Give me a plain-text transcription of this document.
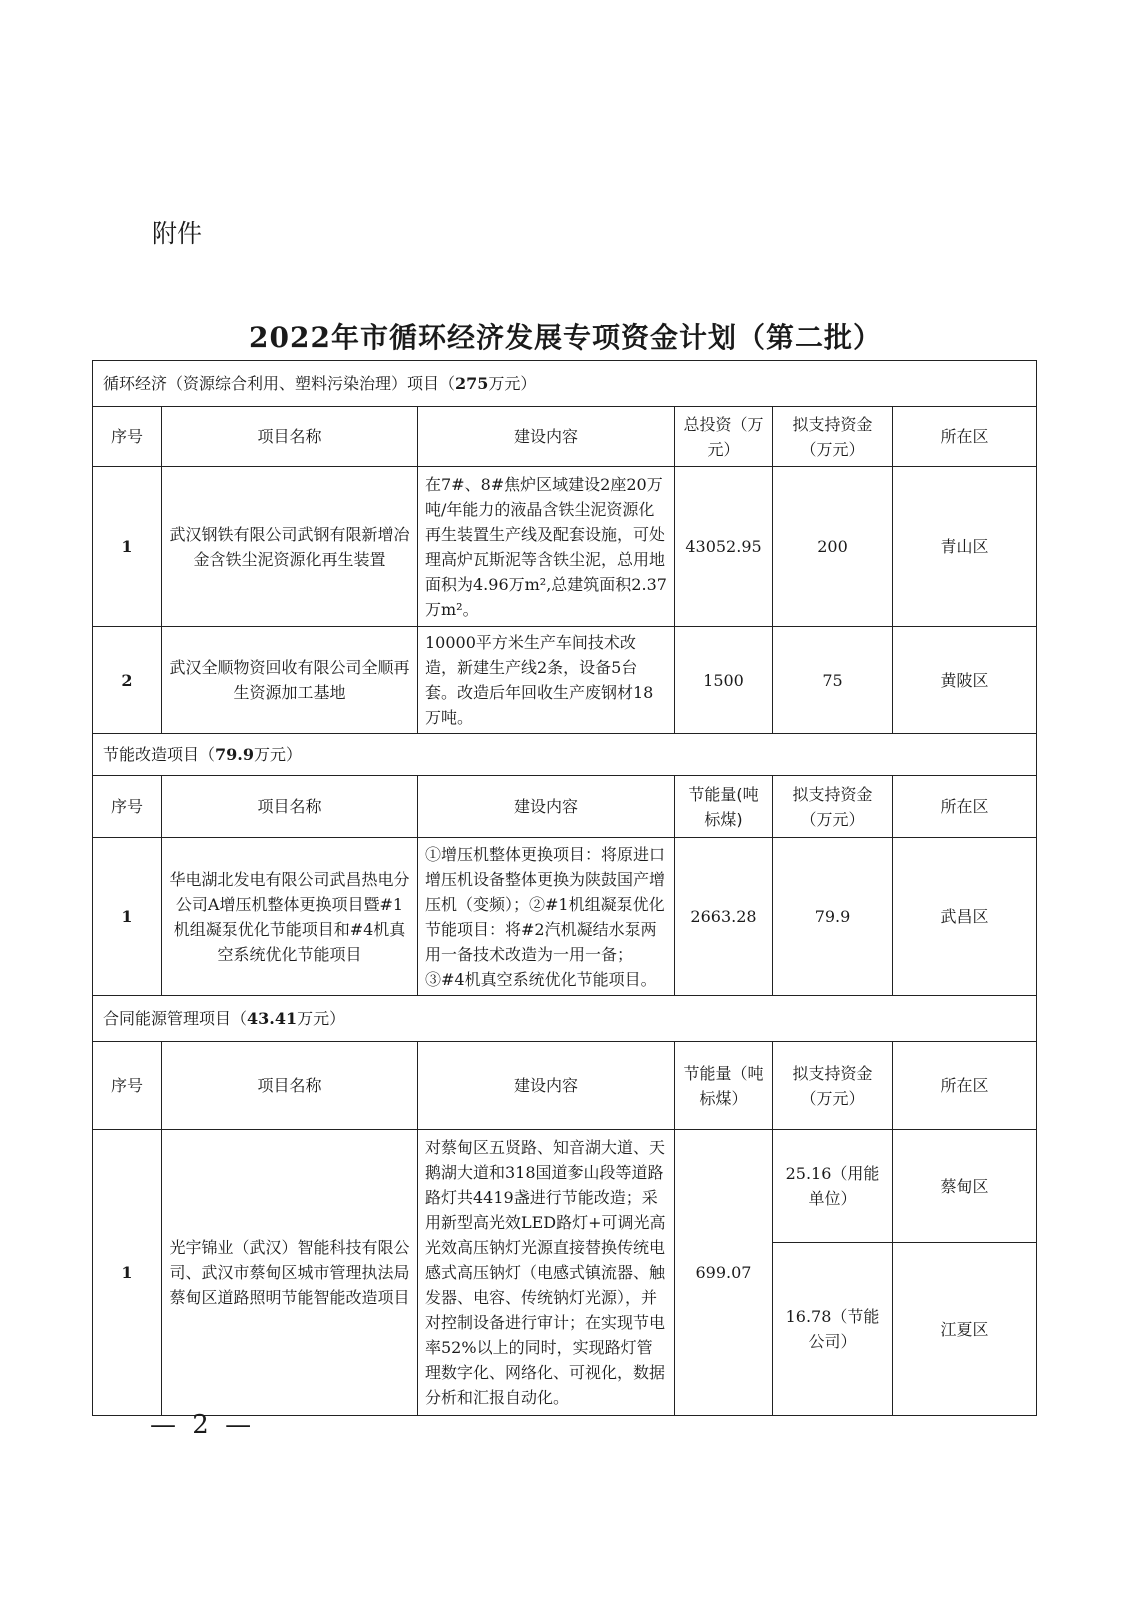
附件
2022年市循环经济发展专项资金计划（第二批）
循环经济（资源综合利用、塑料污染治理）项目（275万元）					
序号	项目名称	建设内容	总投资（万元）	拟支持资金（万元）	所在区
1	武汉钢铁有限公司武钢有限新增冶金含铁尘泥资源化再生装置	在7#、8#焦炉区域建设2座20万吨/年能力的液晶含铁尘泥资源化再生装置生产线及配套设施，可处理高炉瓦斯泥等含铁尘泥，总用地面积为4.96万m²,总建筑面积2.37万m²。	43052.95	200	青山区
2	武汉全顺物资回收有限公司全顺再生资源加工基地	10000平方米生产车间技术改造，新建生产线2条，设备5台套。改造后年回收生产废钢材18万吨。	1500	75	黄陂区
节能改造项目（79.9万元）					
序号	项目名称	建设内容	节能量(吨标煤)	拟支持资金（万元）	所在区
1	华电湖北发电有限公司武昌热电分公司A增压机整体更换项目暨#1机组凝泵优化节能项目和#4机真空系统优化节能项目	①增压机整体更换项目：将原进口增压机设备整体更换为陕鼓国产增压机（变频）；②#1机组凝泵优化节能项目：将#2汽机凝结水泵两用一备技术改造为一用一备；③#4机真空系统优化节能项目。	2663.28	79.9	武昌区
合同能源管理项目（43.41万元）					
序号	项目名称	建设内容	节能量（吨标煤）	拟支持资金（万元）	所在区
1	光宇锦业（武汉）智能科技有限公司、武汉市蔡甸区城市管理执法局蔡甸区道路照明节能智能改造项目	对蔡甸区五贤路、知音湖大道、天鹅湖大道和318国道奓山段等道路路灯共4419盏进行节能改造；采用新型高光效LED路灯+可调光高光效高压钠灯光源直接替换传统电感式高压钠灯（电感式镇流器、触发器、电容、传统钠灯光源），并对控制设备进行审计；在实现节电率52%以上的同时，实现路灯管理数字化、网络化、可视化，数据分析和汇报自动化。	699.07	25.16（用能单位）	蔡甸区
				16.78（节能公司）	江夏区
— 2 —
